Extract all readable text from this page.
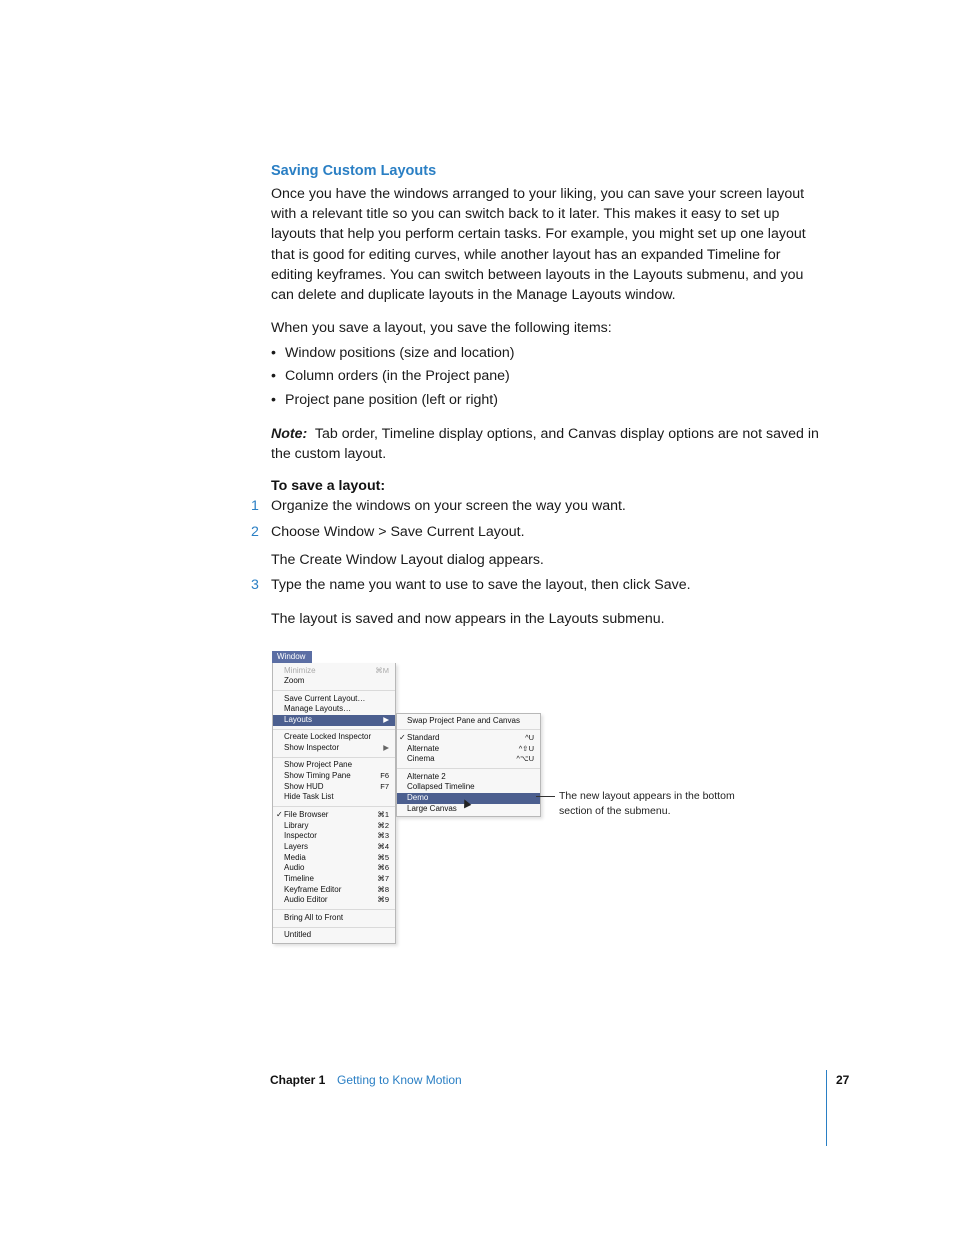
Saving Custom Layouts
Once you have the windows arranged to your liking, you can save your screen layout with a relevant title so you can switch back to it later. This makes it easy to set up layouts that help you perform certain tasks. For example, you might set up one layout that is good for editing curves, while another layout has an expanded Timeline for editing keyframes. You can switch between layouts in the Layouts submenu, and you can delete and duplicate layouts in the Manage Layouts window.
When you save a layout, you save the following items:
• Window positions (size and location)
• Column orders (in the Project pane)
• Project pane position (left or right)
Note: Tab order, Timeline display options, and Canvas display options are not saved in the custom layout.
To save a layout:
1 Organize the windows on your screen the way you want.
2 Choose Window > Save Current Layout.
The Create Window Layout dialog appears.
3 Type the name you want to use to save the layout, then click Save.
The layout is saved and now appears in the Layouts submenu.
Window
Minimize	⌘M
Zoom
Save Current Layout…
Manage Layouts…
Layouts	▶
Create Locked Inspector
Show Inspector	▶
Show Project Pane
Show Timing Pane	F6
Show HUD	F7
Hide Task List
✓ File Browser	⌘1
Library	⌘2
Inspector	⌘3
Layers	⌘4
Media	⌘5
Audio	⌘6
Timeline	⌘7
Keyframe Editor	⌘8
Audio Editor	⌘9
Bring All to Front
Untitled
Swap Project Pane and Canvas
✓ Standard	^U
Alternate	^⇧U
Cinema	^⌥U
Alternate 2
Collapsed Timeline
Demo
Large Canvas
The new layout appears in the bottom section of the submenu.
Chapter 1 Getting to Know Motion	27
